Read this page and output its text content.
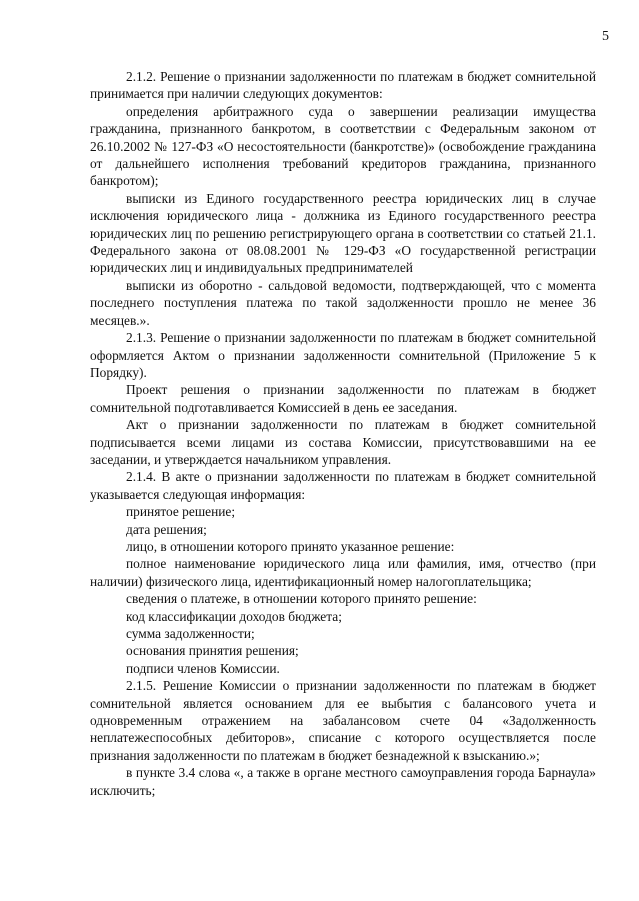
5

2.1.2. Решение о признании задолженности по платежам в бюджет сомнительной принимается при наличии следующих документов:

определения арбитражного суда о завершении реализации имущества гражданина, признанного банкротом, в соответствии с Федеральным законом от 26.10.2002 № 127-ФЗ «О несостоятельности (банкротстве)» (освобождение гражданина от дальнейшего исполнения требований кредиторов гражданина, признанного банкротом);

выписки из Единого государственного реестра юридических лиц в случае исключения юридического лица - должника из Единого государственного реестра юридических лиц по решению регистрирующего органа в соответствии со статьей 21.1. Федерального закона от 08.08.2001 № 129-ФЗ «О государственной регистрации юридических лиц и индивидуальных предпринимателей

выписки из оборотно - сальдовой ведомости, подтверждающей, что с момента последнего поступления платежа по такой задолженности прошло не менее 36 месяцев.».

2.1.3. Решение о признании задолженности по платежам в бюджет сомнительной оформляется Актом о признании задолженности сомнительной (Приложение 5 к Порядку).

Проект решения о признании задолженности по платежам в бюджет сомнительной подготавливается Комиссией в день ее заседания.

Акт о признании задолженности по платежам в бюджет сомнительной подписывается всеми лицами из состава Комиссии, присутствовавшими на ее заседании, и утверждается начальником управления.

2.1.4. В акте о признании задолженности по платежам в бюджет сомнительной указывается следующая информация:

принятое решение;

дата решения;

лицо, в отношении которого принято указанное решение:

полное наименование юридического лица или фамилия, имя, отчество (при наличии) физического лица, идентификационный номер налогоплательщика;

сведения о платеже, в отношении которого принято решение:

код классификации доходов бюджета;

сумма задолженности;

основания принятия решения;

подписи членов Комиссии.

2.1.5. Решение Комиссии о признании задолженности по платежам в бюджет сомнительной является основанием для ее выбытия с балансового учета и одновременным отражением на забалансовом счете 04 «Задолженность неплатежеспособных дебиторов», списание с которого осуществляется после признания задолженности по платежам в бюджет безнадежной к взысканию.»;

в пункте 3.4 слова «, а также в органе местного самоуправления города Барнаула» исключить;
